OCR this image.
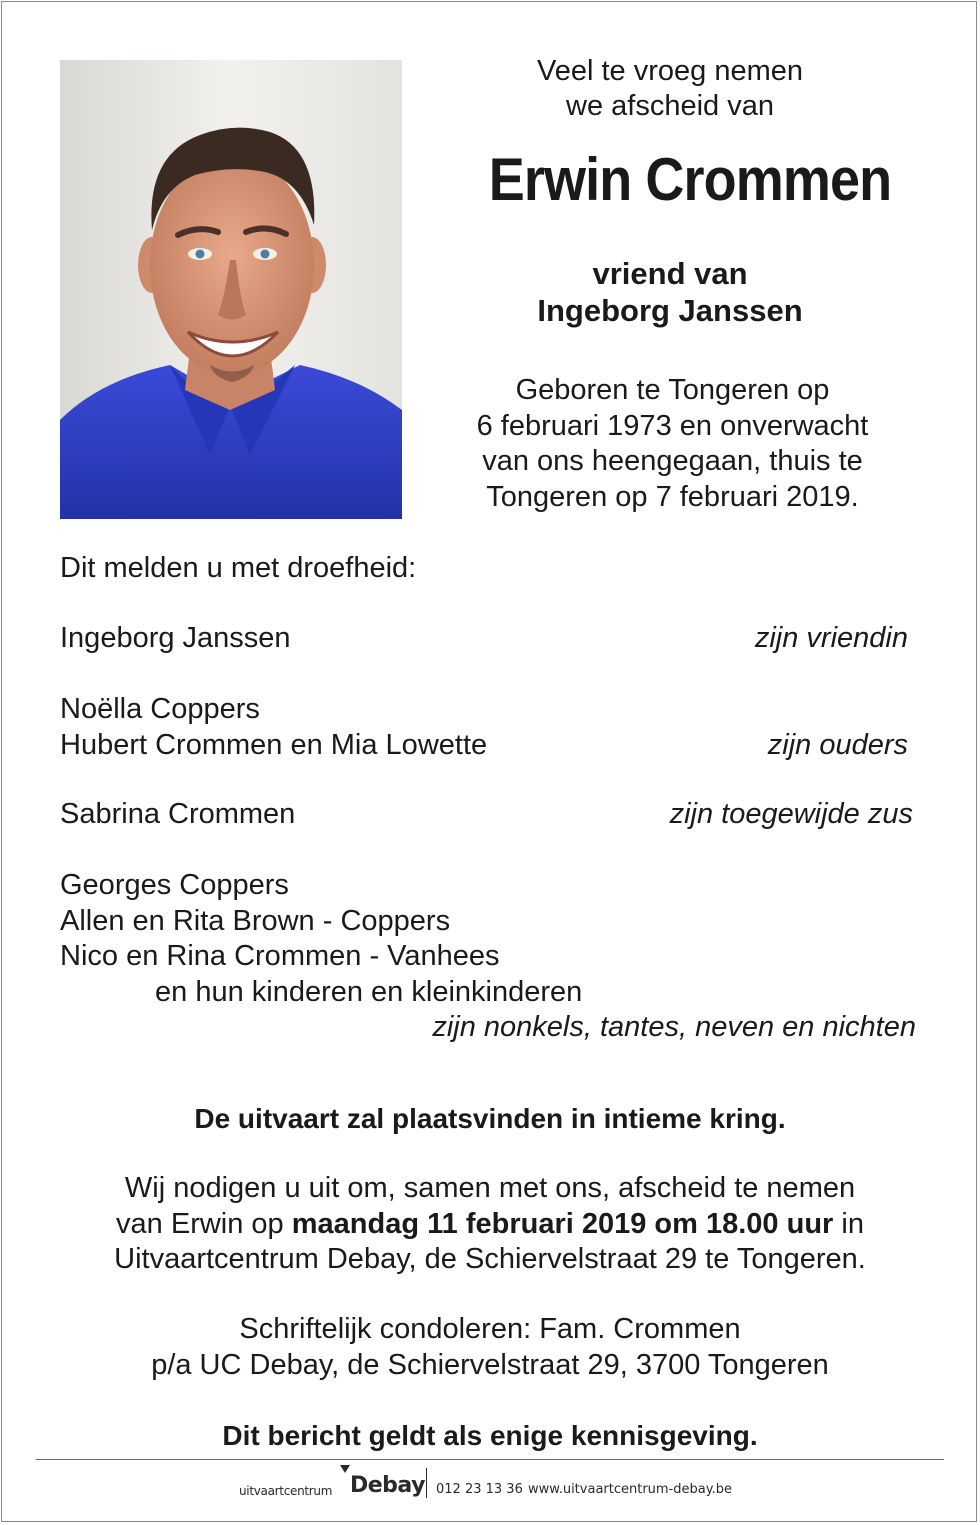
Veel te vroeg nemen
we afscheid van
Erwin Crommen
vriend van
Ingeborg Janssen
Geboren te Tongeren op
6 februari 1973 en onverwacht
van ons heengegaan, thuis te
Tongeren op 7 februari 2019.
Dit melden u met droefheid:
Ingeborg Janssen	zijn vriendin
Noëlla Coppers
Hubert Crommen en Mia Lowette	zijn ouders
Sabrina Crommen	zijn toegewijde zus
Georges Coppers
Allen en Rita Brown - Coppers
Nico en Rina Crommen - Vanhees
en hun kinderen en kleinkinderen
zijn nonkels, tantes, neven en nichten
De uitvaart zal plaatsvinden in intieme kring.
Wij nodigen u uit om, samen met ons, afscheid te nemen
van Erwin op maandag 11 februari 2019 om 18.00 uur in
Uitvaartcentrum Debay, de Schiervelstraat 29 te Tongeren.
Schriftelijk condoleren: Fam. Crommen
p/a UC Debay, de Schiervelstraat 29, 3700 Tongeren
Dit bericht geldt als enige kennisgeving.
uitvaartcentrum Debay 012 23 13 36 www.uitvaartcentrum-debay.be
